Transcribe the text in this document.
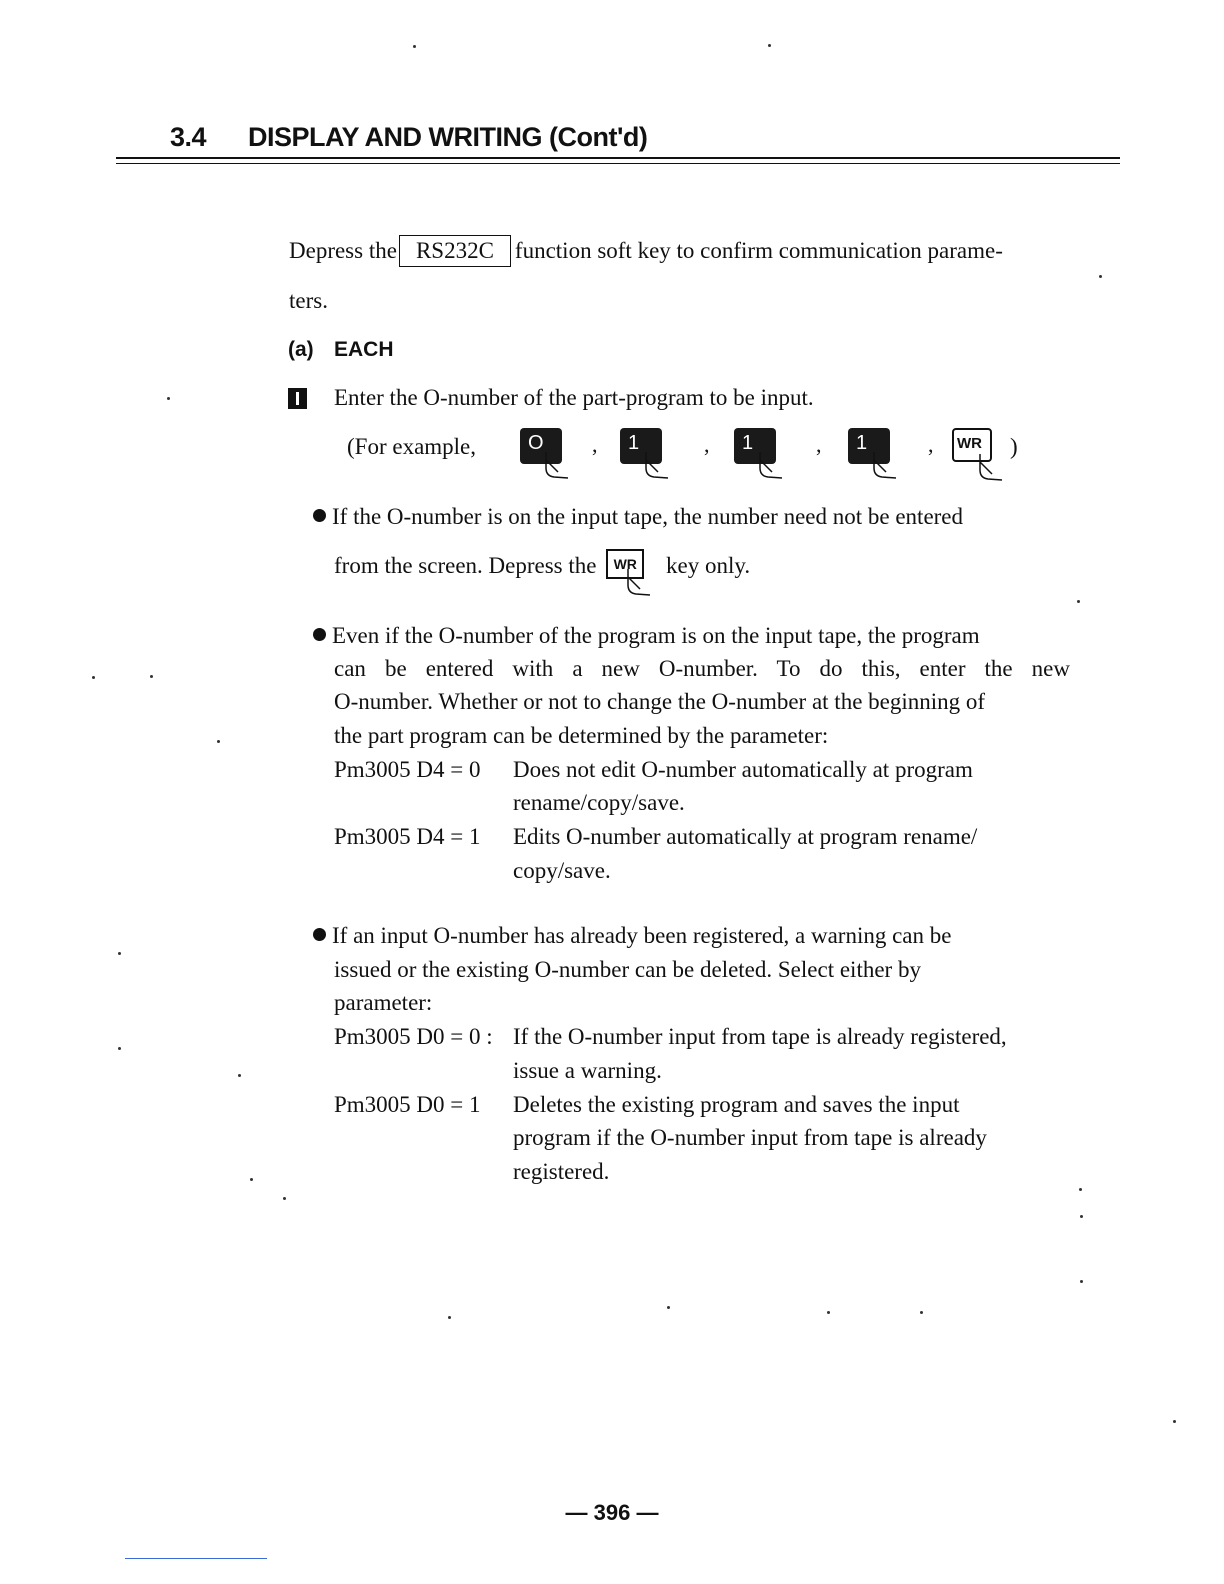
3.4 DISPLAY AND WRITING (Cont'd)
Depress the RS232C function soft key to confirm communication parame-
ters.
(a) EACH
Enter the O-number of the part-program to be input.
(For example,	O , 1	, 1	, 1	, WR )
If the O-number is on the input tape, the number need not be entered
from the screen. Depress the	WR	key only.
Even if the O-number of the program is on the input tape, the program
can be entered with a new O-number. To do this, enter the new
O-number. Whether or not to change the O-number at the beginning of
the part program can be determined by the parameter:
Pm3005 D4 = 0 Does not edit O-number automatically at program
rename/copy/save.
Pm3005 D4 = 1 Edits O-number automatically at program rename/
copy/save.
If an input O-number has already been registered, a warning can be
issued or the existing O-number can be deleted. Select either by
parameter:
Pm3005 D0 = 0 : If the O-number input from tape is already registered,
issue a warning.
Pm3005 D0 = 1 Deletes the existing program and saves the input
program if the O-number input from tape is already
registered.
— 396 —
